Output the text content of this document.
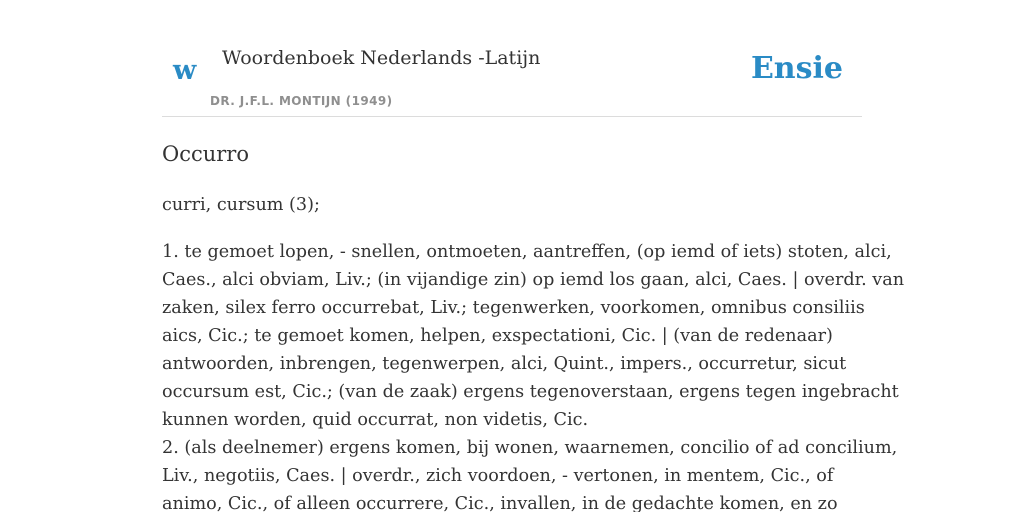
w Woordenboek Nederlands -Latijn
DR. J.F.L. MONTIJN (1949)
Ensie
Occurro

curri, cursum (3);

1. te gemoet lopen, - snellen, ontmoeten, aantreffen, (op iemd of iets) stoten, alci,

Caes., alci obviam, Liv.; (in vijandige zin) op iemd los gaan, alci, Caes. | overdr. van

zaken, silex ferro occurrebat, Liv.; tegenwerken, voorkomen, omnibus consiliis

aics, Cic.; te gemoet komen, helpen, exspectationi, Cic. | (van de redenaar)

antwoorden, inbrengen, tegenwerpen, alci, Quint., impers., occurretur, sicut

occursum est, Cic.; (van de zaak) ergens tegenoverstaan, ergens tegen ingebracht

kunnen worden, quid occurrat, non videtis, Cic.

2. (als deelnemer) ergens komen, bij wonen, waarnemen, concilio of ad concilium,

Liv., negotiis, Caes. | overdr., zich voordoen, - vertonen, in mentem, Cic., of

animo, Cic., of alleen occurrere, Cic., invallen, in de gedachte komen, en zo
